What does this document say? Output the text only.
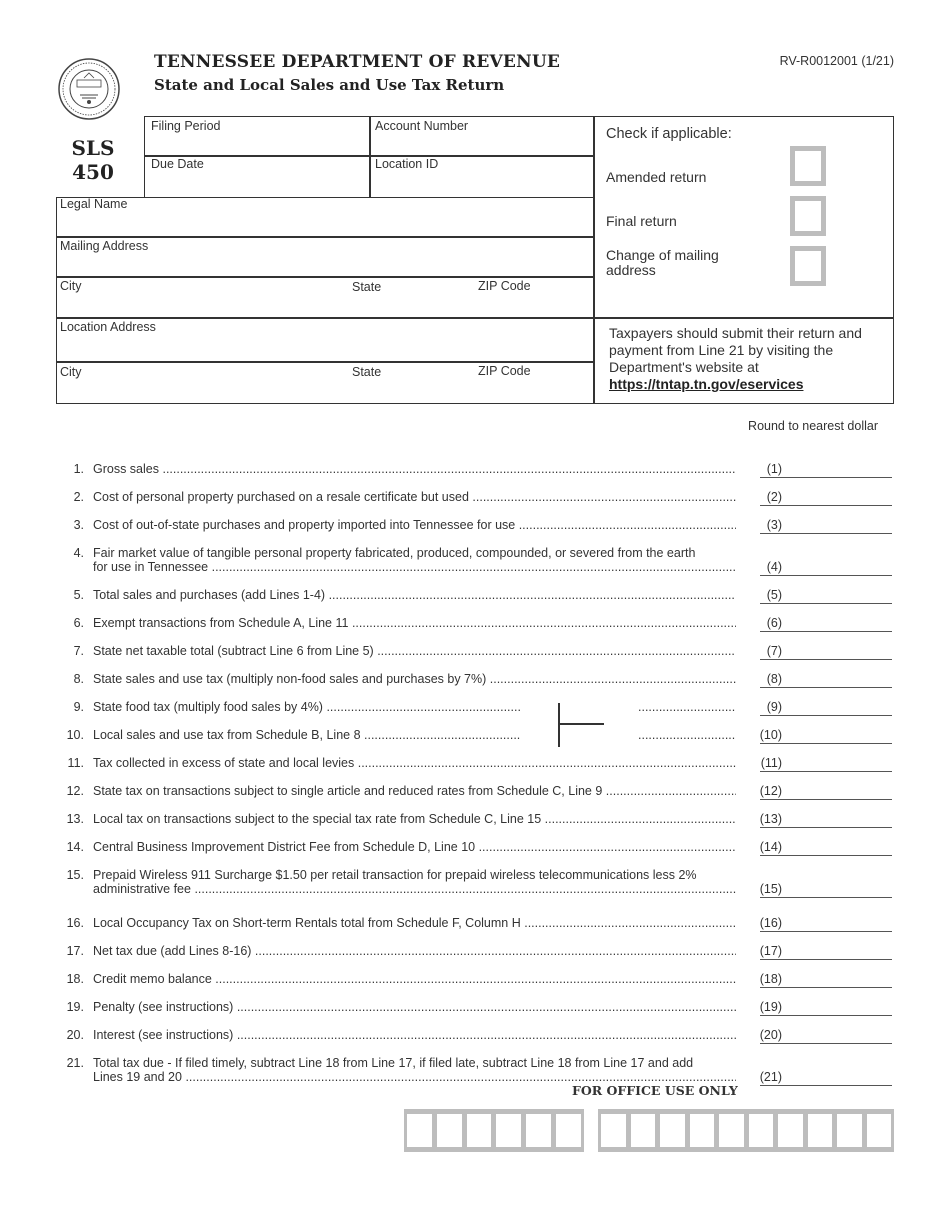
TENNESSEE DEPARTMENT OF REVENUE
State and Local Sales and Use Tax Return
RV-R0012001 (1/21)
SLS
450
Filing Period	Account Number
Due Date	Location ID
Legal Name
Mailing Address
City	State	ZIP Code
Location Address
City	State	ZIP Code
Check if applicable:
Amended return
Final return
Change of mailing
address
Taxpayers should submit their return and payment from Line 21 by visiting the Department's website at https://tntap.tn.gov/eservices
Round to nearest dollar
1. Gross sales .....	(1)
2. Cost of personal property purchased on a resale certificate but used .....	(2)
3. Cost of out-of-state purchases and property imported into Tennessee for use .....	(3)
4. Fair market value of tangible personal property fabricated, produced, compounded, or severed from the earth
for use in Tennessee .....	(4)
5. Total sales and purchases (add Lines 1-4) .....	(5)
6. Exempt transactions from Schedule A, Line 11 .....	(6)
7. State net taxable total (subtract Line 6 from Line 5) .....	(7)
8. State sales and use tax (multiply non-food sales and purchases by 7%) .....	(8)
9. State food tax (multiply food sales by 4%) ..... .....	(9)
10. Local sales and use tax from Schedule B, Line 8 ..... .....	(10)
11. Tax collected in excess of state and local levies .....	(11)
12. State tax on transactions subject to single article and reduced rates from Schedule C, Line 9 .....	(12)
13. Local tax on transactions subject to the special tax rate from Schedule C, Line 15 .....	(13)
14. Central Business Improvement District Fee from Schedule D, Line 10 .....	(14)
15. Prepaid Wireless 911 Surcharge $1.50 per retail transaction for prepaid wireless telecommunications less 2%
administrative fee .....	(15)
16. Local Occupancy Tax on Short-term Rentals total from Schedule F, Column H .....	(16)
17. Net tax due (add Lines 8-16) .....	(17)
18. Credit memo balance .....	(18)
19. Penalty (see instructions) .....	(19)
20. Interest (see instructions) .....	(20)
21. Total tax due - If filed timely, subtract Line 18 from Line 17, if filed late, subtract Line 18 from Line 17 and add
Lines 19 and 20 .....	(21)
FOR OFFICE USE ONLY
